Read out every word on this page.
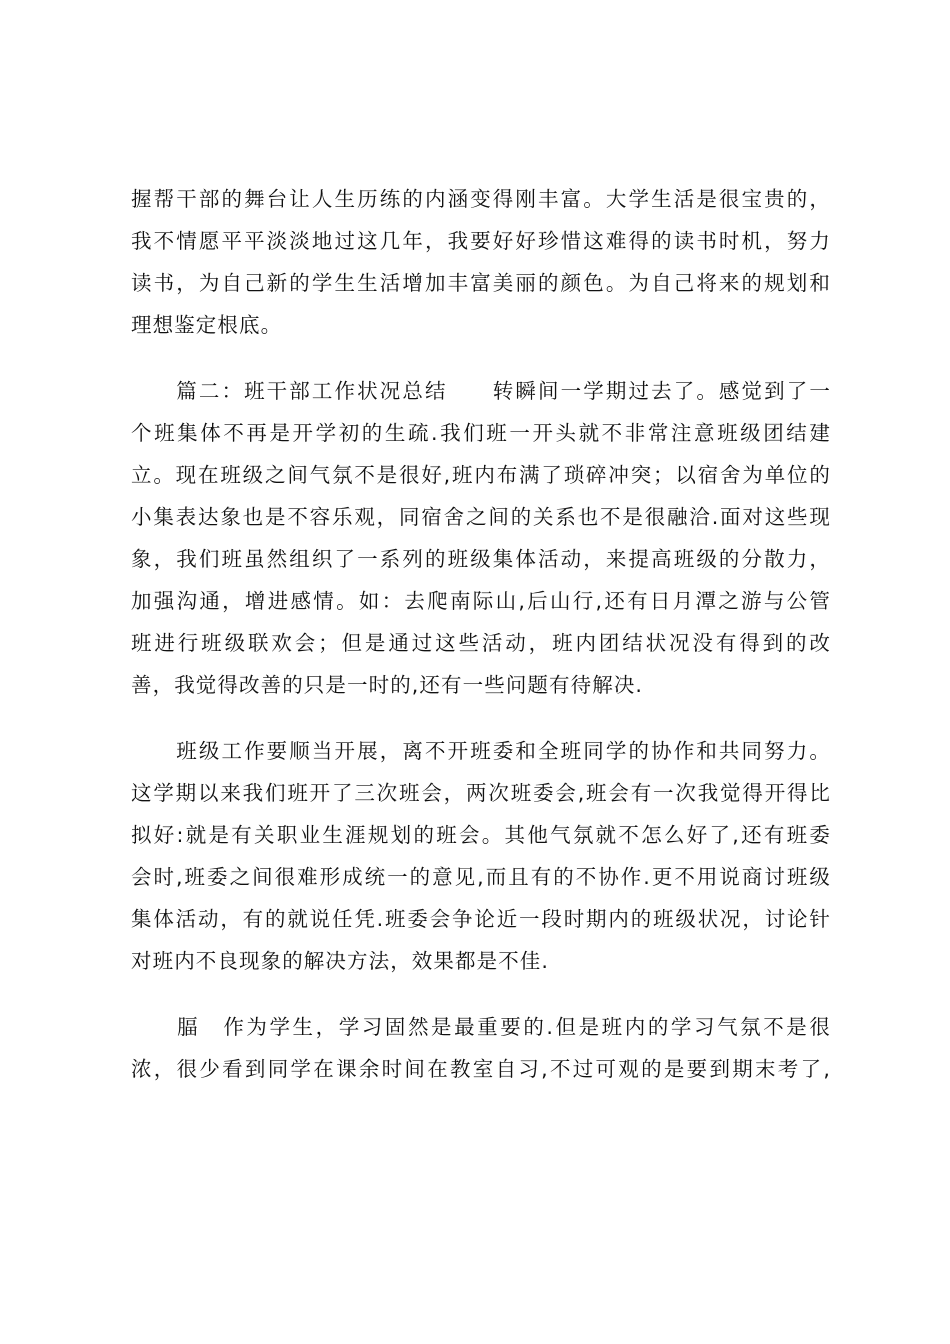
握帮干部的舞台让人生历练的内涵变得刚丰富。大学生活是很宝贵的，
我不情愿平平淡淡地过这几年，我要好好珍惜这难得的读书时机，努力
读书，为自己新的学生生活增加丰富美丽的颜色。为自己将来的规划和
理想鉴定根底。
　　篇二：班干部工作状况总结　　转瞬间一学期过去了。感觉到了一
个班集体不再是开学初的生疏.我们班一开头就不非常注意班级团结建
立。现在班级之间气氛不是很好,班内布满了琐碎冲突；以宿舍为单位的
小集表达象也是不容乐观，同宿舍之间的关系也不是很融洽.面对这些现
象，我们班虽然组织了一系列的班级集体活动，来提高班级的分散力，
加强沟通，增进感情。如：去爬南际山,后山行,还有日月潭之游与公管
班进行班级联欢会；但是通过这些活动，班内团结状况没有得到的改
善，我觉得改善的只是一时的,还有一些问题有待解决.
　　班级工作要顺当开展，离不开班委和全班同学的协作和共同努力。
这学期以来我们班开了三次班会，两次班委会,班会有一次我觉得开得比
拟好:就是有关职业生涯规划的班会。其他气氛就不怎么好了,还有班委
会时,班委之间很难形成统一的意见,而且有的不协作.更不用说商讨班级
集体活动，有的就说任凭.班委会争论近一段时期内的班级状况，讨论针
对班内不良现象的解决方法，效果都是不佳.
　　腷　作为学生，学习固然是最重要的.但是班内的学习气氛不是很
浓，很少看到同学在课余时间在教室自习,不过可观的是要到期末考了,
